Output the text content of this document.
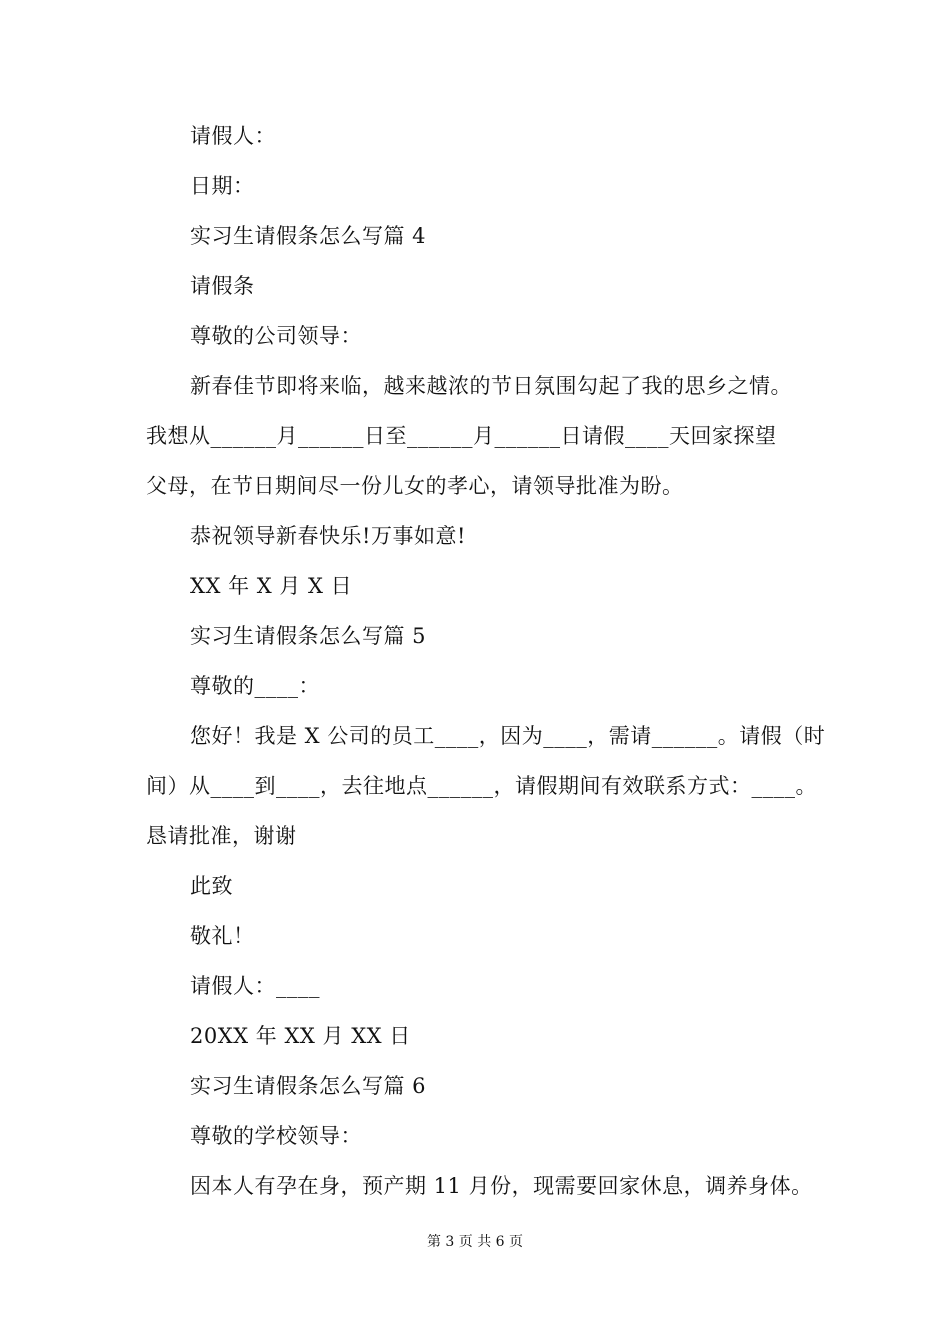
请假人：
日期：
实习生请假条怎么写篇 4
请假条
尊敬的公司领导：
新春佳节即将来临，越来越浓的节日氛围勾起了我的思乡之情。
我想从______月______日至______月______日请假____天回家探望
父母，在节日期间尽一份儿女的孝心，请领导批准为盼。
恭祝领导新春快乐!万事如意!
XX 年 X 月 X 日
实习生请假条怎么写篇 5
尊敬的____：
您好！我是 X 公司的员工____，因为____，需请______。请假（时
间）从____到____，去往地点______，请假期间有效联系方式：____。
恳请批准，谢谢
此致
敬礼！
请假人：____
20XX 年 XX 月 XX 日
实习生请假条怎么写篇 6
尊敬的学校领导：
因本人有孕在身，预产期 11 月份，现需要回家休息，调养身体。
第 3 页 共 6 页
